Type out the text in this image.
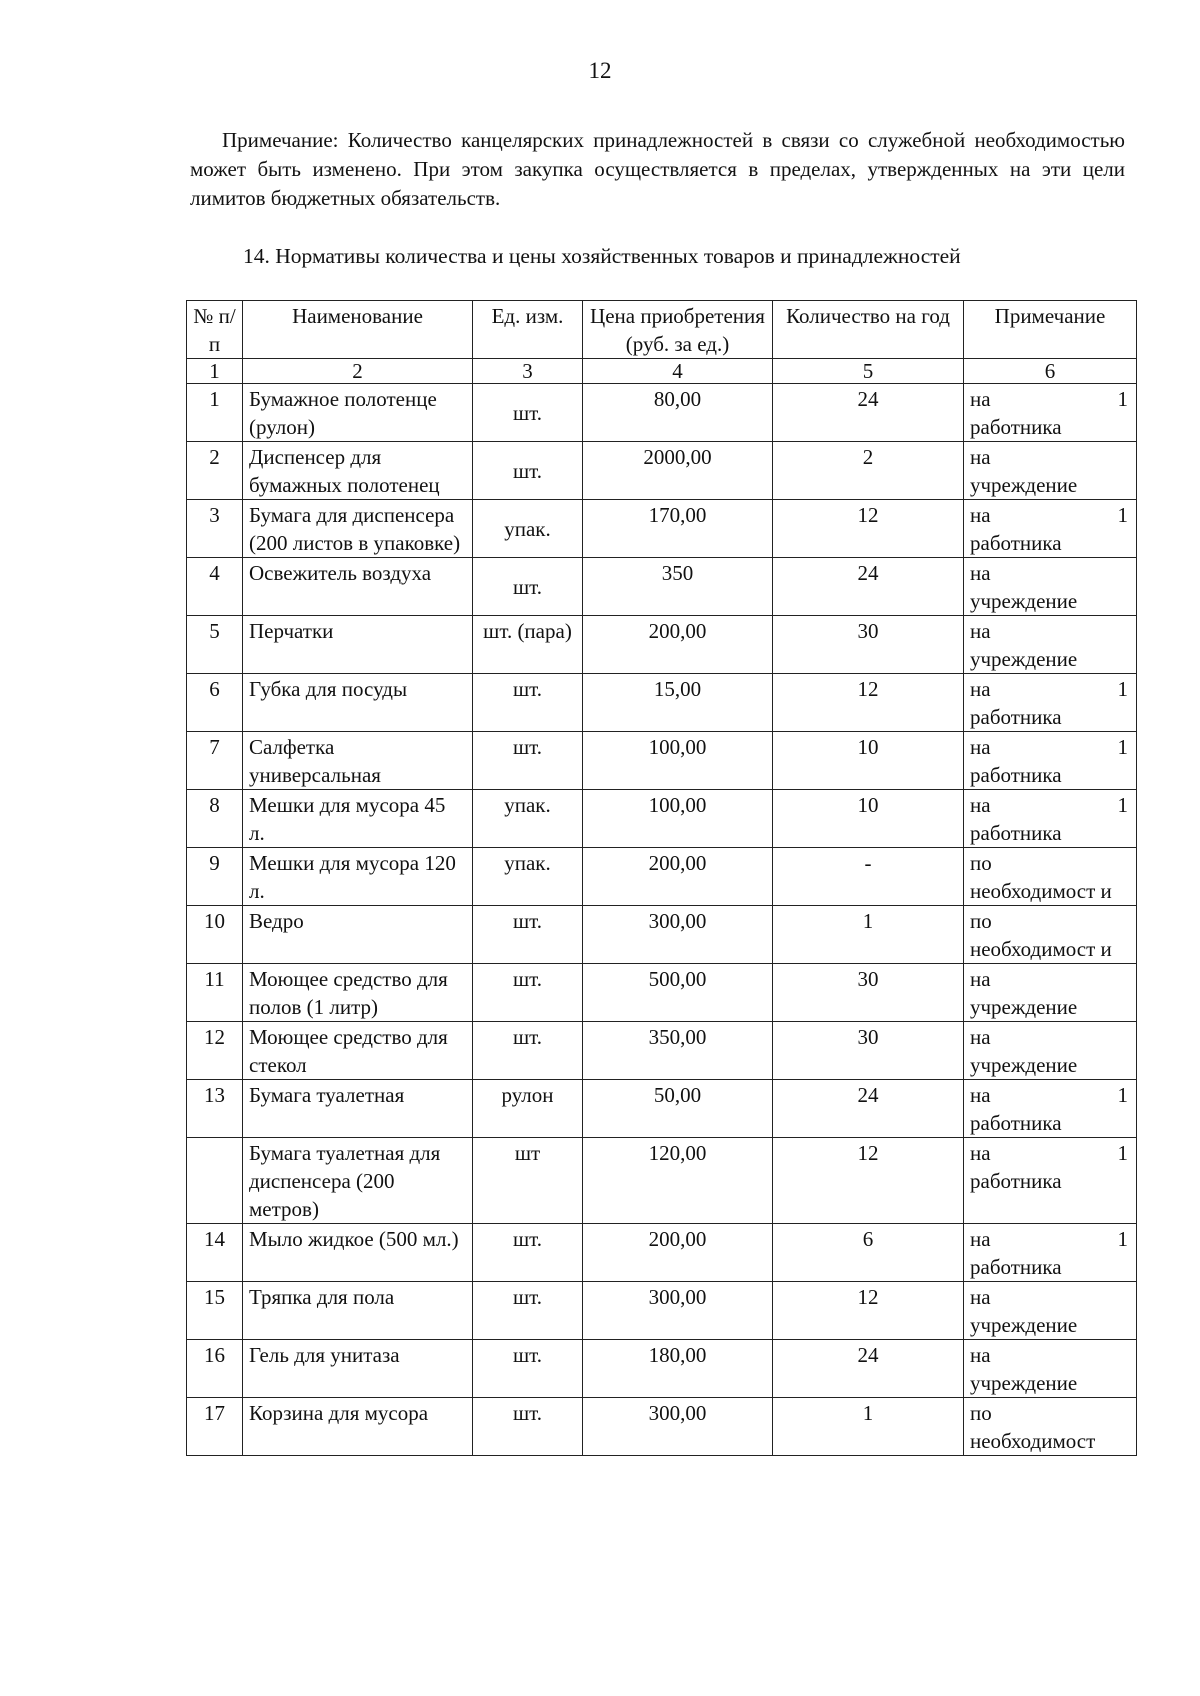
12
Примечание: Количество канцелярских принадлежностей в связи со служебной необходимостью может быть изменено. При этом закупка осуществляется в пределах, утвержденных на эти цели лимитов бюджетных обязательств.
14. Нормативы количества и цены хозяйственных товаров и принадлежностей
№ п/п	Наименование	Ед. изм.	Цена приобретения (руб. за ед.)	Количество на год	Примечание
1	2	3	4	5	6
1	Бумажное полотенце (рулон)	шт.	80,00	24	на 1
работника

2	Диспенсер для бумажных полотенец	шт.	2000,00	2	на
учреждение

3	Бумага для диспенсера (200 листов в упаковке)	упак.	170,00	12	на 1
работника

4	Освежитель воздуха	шт.	350	24	на
учреждение

5	Перчатки	шт. (пара)	200,00	30	на
учреждение

6	Губка для посуды	шт.	15,00	12	на 1
работника

7	Салфетка универсальная	шт.	100,00	10	на 1
работника

8	Мешки для мусора 45 л.	упак.	100,00	10	на 1
работника

9	Мешки для мусора 120 л.	упак.	200,00	-	по
необходимост и

10	Ведро	шт.	300,00	1	по
необходимост и

11	Моющее средство для полов (1 литр)	шт.	500,00	30	на
учреждение

12	Моющее средство для стекол	шт.	350,00	30	на
учреждение

13	Бумага туалетная	рулон	50,00	24	на 1
работника

	Бумага туалетная для диспенсера (200 метров)	шт	120,00	12	на 1
работника

14	Мыло жидкое (500 мл.)	шт.	200,00	6	на 1
работника

15	Тряпка для пола	шт.	300,00	12	на
учреждение

16	Гель для унитаза	шт.	180,00	24	на
учреждение

17	Корзина для мусора	шт.	300,00	1	по
необходимост
